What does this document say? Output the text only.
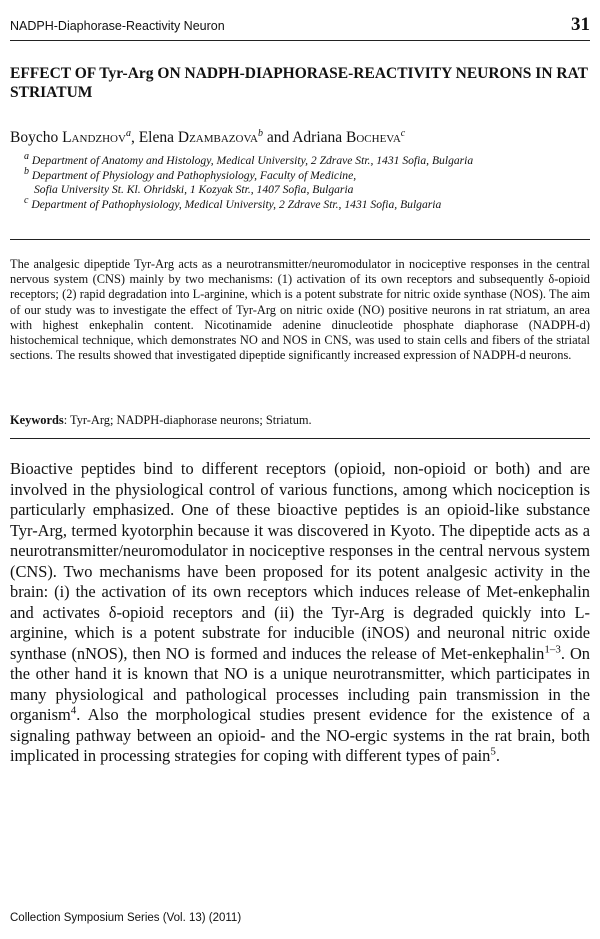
NADPH-Diaphorase-Reactivity Neuron	31
EFFECT OF Tyr-Arg ON NADPH-DIAPHORASE-REACTIVITY NEURONS IN RAT STRIATUM
Boycho Landzhov$^a$, Elena Dzambazova$^b$ and Adriana Bocheva$^c$
$^a$ Department of Anatomy and Histology, Medical University, 2 Zdrave Str., 1431 Sofia, Bulgaria
$^b$ Department of Physiology and Pathophysiology, Faculty of Medicine,
Sofia University St. Kl. Ohridski, 1 Kozyak Str., 1407 Sofia, Bulgaria
$^c$ Department of Pathophysiology, Medical University, 2 Zdrave Str., 1431 Sofia, Bulgaria

The analgesic dipeptide Tyr-Arg acts as a neurotransmitter/neuromodulator in nociceptive responses in the central nervous system (CNS) mainly by two mechanisms: (1) activation of its own receptors and subsequently δ-opioid receptors; (2) rapid degradation into L-arginine, which is a potent substrate for nitric oxide synthase (NOS). The aim of our study was to investigate the effect of Tyr-Arg on nitric oxide (NO) positive neurons in rat striatum, an area with highest enkephalin content. Nicotinamide adenine dinucleotide phosphate diaphorase (NADPH-d) histochemical technique, which demonstrates NO and NOS in CNS, was used to stain cells and fibers of the striatal sections. The results showed that investigated dipeptide significantly increased expression of NADPH-d neurons.

Keywords: Tyr-Arg; NADPH-diaphorase neurons; Striatum.

Bioactive peptides bind to different receptors (opioid, non-opioid or both) and are involved in the physiological control of various functions, among which nociception is particularly emphasized. One of these bioactive peptides is an opioid-like substance Tyr-Arg, termed kyotorphin because it was discovered in Kyoto. The dipeptide acts as a neurotransmitter/neuromodulator in nociceptive responses in the central nervous system (CNS). Two mechanisms have been proposed for its potent analgesic activity in the brain: (i) the activation of its own receptors which induces release of Met-enkephalin and activates δ-opioid receptors and (ii) the Tyr-Arg is degraded quickly into L-arginine, which is a potent substrate for inducible (iNOS) and neuronal nitric oxide synthase (nNOS), then NO is formed and induces the release of Met-enkephalin$^{1-3}$. On the other hand it is known that NO is a unique neurotransmitter, which participates in many physiological and pathological processes including pain transmission in the organism$^4$. Also the morphological studies present evidence for the existence of a signaling pathway between an opioid- and the NO-ergic systems in the rat brain, both implicated in processing strategies for coping with different types of pain$^5$.

Collection Symposium Series (Vol. 13) (2011)
